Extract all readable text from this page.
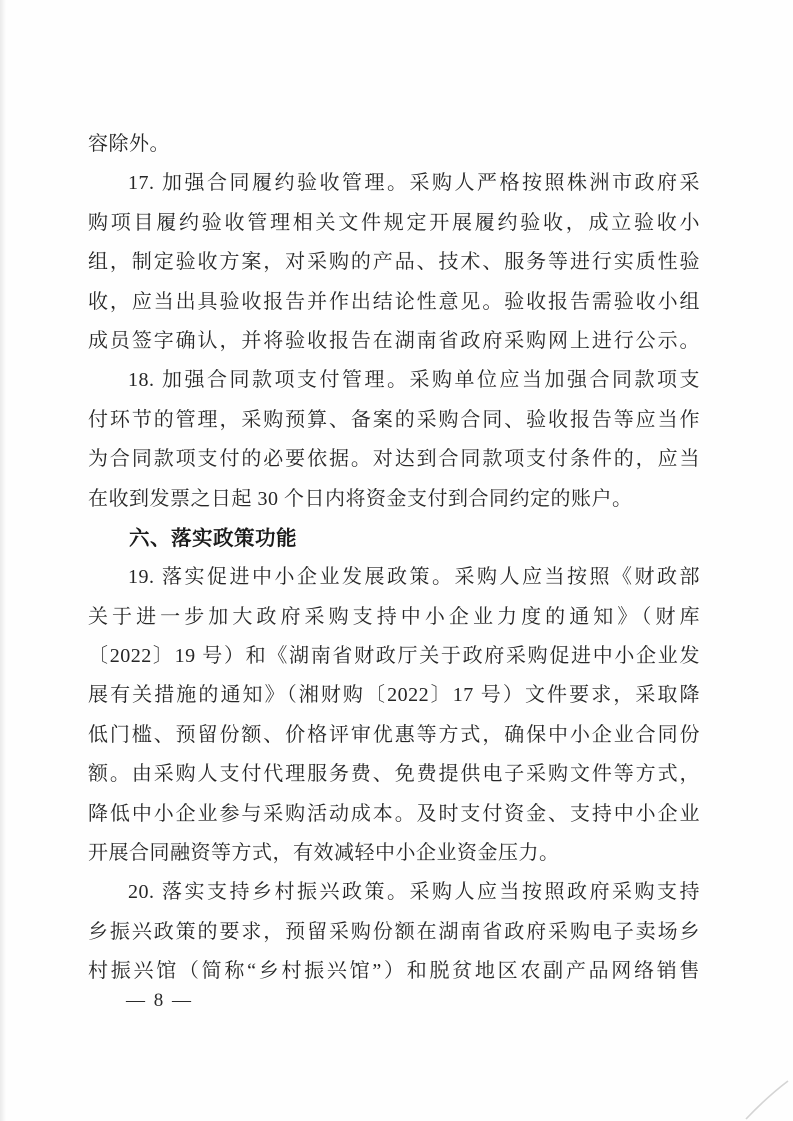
容除外。
17. 加强合同履约验收管理。采购人严格按照株洲市政府采
购项目履约验收管理相关文件规定开展履约验收，成立验收小
组，制定验收方案，对采购的产品、技术、服务等进行实质性验
收，应当出具验收报告并作出结论性意见。验收报告需验收小组
成员签字确认，并将验收报告在湖南省政府采购网上进行公示。
18. 加强合同款项支付管理。采购单位应当加强合同款项支
付环节的管理，采购预算、备案的采购合同、验收报告等应当作
为合同款项支付的必要依据。对达到合同款项支付条件的，应当
在收到发票之日起 30 个日内将资金支付到合同约定的账户。
六、落实政策功能
19. 落实促进中小企业发展政策。采购人应当按照《财政部
关于进一步加大政府采购支持中小企业力度的通知》（财库
〔2022〕19 号）和《湖南省财政厅关于政府采购促进中小企业发
展有关措施的通知》（湘财购〔2022〕17 号）文件要求，采取降
低门槛、预留份额、价格评审优惠等方式，确保中小企业合同份
额。由采购人支付代理服务费、免费提供电子采购文件等方式，
降低中小企业参与采购活动成本。及时支付资金、支持中小企业
开展合同融资等方式，有效减轻中小企业资金压力。
20. 落实支持乡村振兴政策。采购人应当按照政府采购支持
乡振兴政策的要求，预留采购份额在湖南省政府采购电子卖场乡
村振兴馆（简称“乡村振兴馆”）和脱贫地区农副产品网络销售
— 8 —
